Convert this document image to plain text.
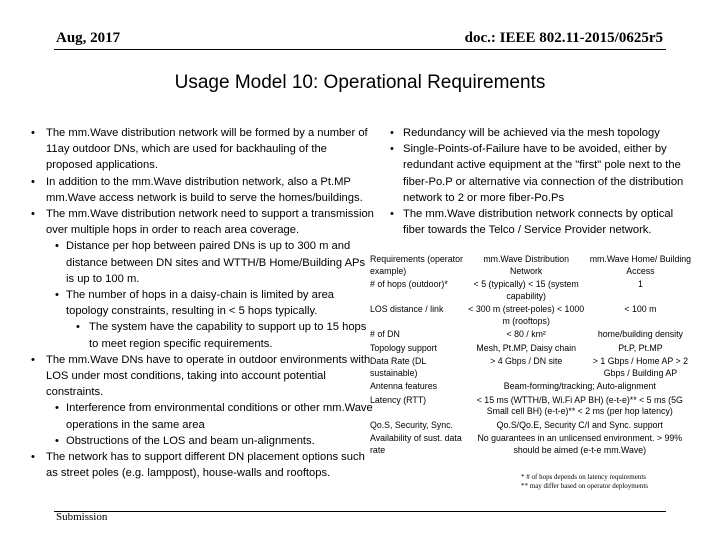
Aug, 2017	doc.: IEEE 802.11-2015/0625r5
Usage Model 10: Operational Requirements
• The mm.Wave distribution network will be formed by a number of 11ay outdoor DNs, which are used for backhauling of the proposed applications.
• In addition to the mm.Wave distribution network, also a Pt.MP mm.Wave access network is build to serve the homes/buildings.
• The mm.Wave distribution network need to support a transmission over multiple hops in order to reach area coverage.
• Distance per hop between paired DNs is up to 300 m and distance between DN sites and WTTH/B Home/Building APs is up to 100 m.
• The number of hops in a daisy-chain is limited by area topology constraints, resulting in < 5 hops typically.
• The system have the capability to support up to 15 hops to meet region specific requirements.
• The mm.Wave DNs have to operate in outdoor environments with LOS under most conditions, taking into account potential constraints.
• Interference from environmental conditions or other mm.Wave operations in the same area
• Obstructions of the LOS and beam un-alignments.
• The network has to support different DN placement options such as street poles (e.g. lamppost), house-walls and rooftops.
• Redundancy will be achieved via the mesh topology
• Single-Points-of-Failure have to be avoided, either by redundant active equipment at the "first" pole next to the fiber-Po.P or alternative via connection of the distribution network to 2 or more fiber-Po.Ps
• The mm.Wave distribution network connects by optical fiber towards the Telco / Service Provider network.
Requirements (operator example)	mm.Wave Distribution Network	mm.Wave Home/ Building Access
# of hops (outdoor)*	< 5 (typically) < 15 (system capability)	1
LOS distance / link	< 300 m (street-poles) < 1000 m (rooftops)	< 100 m
# of DN	< 80 / km²	home/building density
Topology support	Mesh, Pt.MP, Daisy chain	Pt.P, Pt.MP
Data Rate (DL sustainable)	> 4 Gbps / DN site	> 1 Gbps / Home AP > 2 Gbps / Building AP
Antenna features	Beam-forming/tracking; Auto-alignment	
Latency (RTT)	< 15 ms (WTTH/B, Wi.Fi AP BH) (e-t-e)** < 5 ms (5G Small cell BH) (e-t-e)** < 2 ms (per hop latency)	
Qo.S, Security, Sync.	Qo.S/Qo.E, Security C/I and Sync. support	
Availability of sust. data rate	No guarantees in an unlicensed environment. > 99% should be aimed (e-t-e mm.Wave)	
* # of hops depends on latency requirements
** may differ based on operator deployments
Submission
